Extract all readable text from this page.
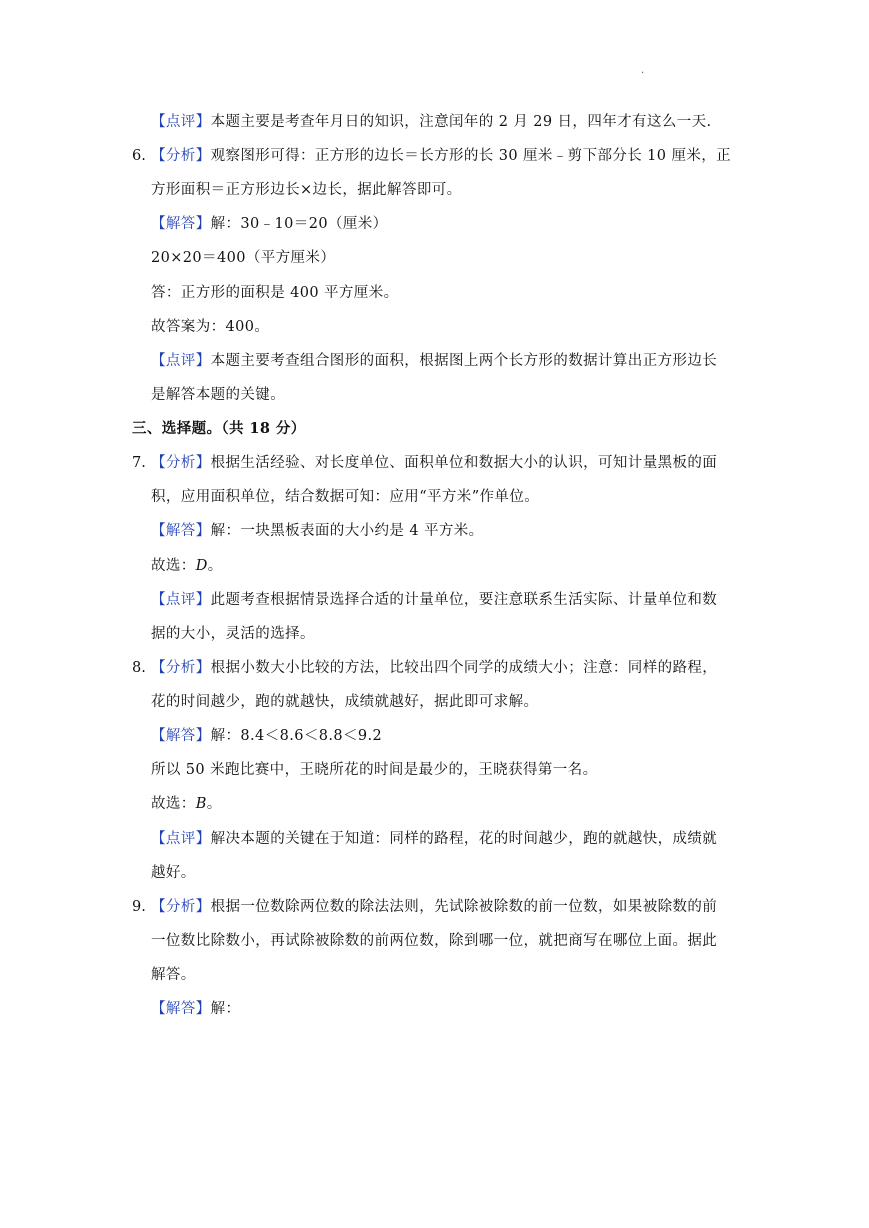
.
【点评】本题主要是考查年月日的知识，注意闰年的 2 月 29 日，四年才有这么一天.
6. 【分析】观察图形可得：正方形的边长＝长方形的长 30 厘米﹣剪下部分长 10 厘米，正
方形面积＝正方形边长×边长，据此解答即可。
【解答】解：30﹣10＝20（厘米）
20×20＝400（平方厘米）
答：正方形的面积是 400 平方厘米。
故答案为：400。
【点评】本题主要考查组合图形的面积，根据图上两个长方形的数据计算出正方形边长
是解答本题的关键。
三、选择题。（共 18 分）
7. 【分析】根据生活经验、对长度单位、面积单位和数据大小的认识，可知计量黑板的面
积，应用面积单位，结合数据可知：应用“平方米”作单位。
【解答】解：一块黑板表面的大小约是 4 平方米。
故选：D。
【点评】此题考查根据情景选择合适的计量单位，要注意联系生活实际、计量单位和数
据的大小，灵活的选择。
8. 【分析】根据小数大小比较的方法，比较出四个同学的成绩大小；注意：同样的路程，
花的时间越少，跑的就越快，成绩就越好，据此即可求解。
【解答】解：8.4＜8.6＜8.8＜9.2
所以 50 米跑比赛中，王晓所花的时间是最少的，王晓获得第一名。
故选：B。
【点评】解决本题的关键在于知道：同样的路程，花的时间越少，跑的就越快，成绩就
越好。
9. 【分析】根据一位数除两位数的除法法则，先试除被除数的前一位数，如果被除数的前
一位数比除数小，再试除被除数的前两位数，除到哪一位，就把商写在哪位上面。据此
解答。
【解答】解：
